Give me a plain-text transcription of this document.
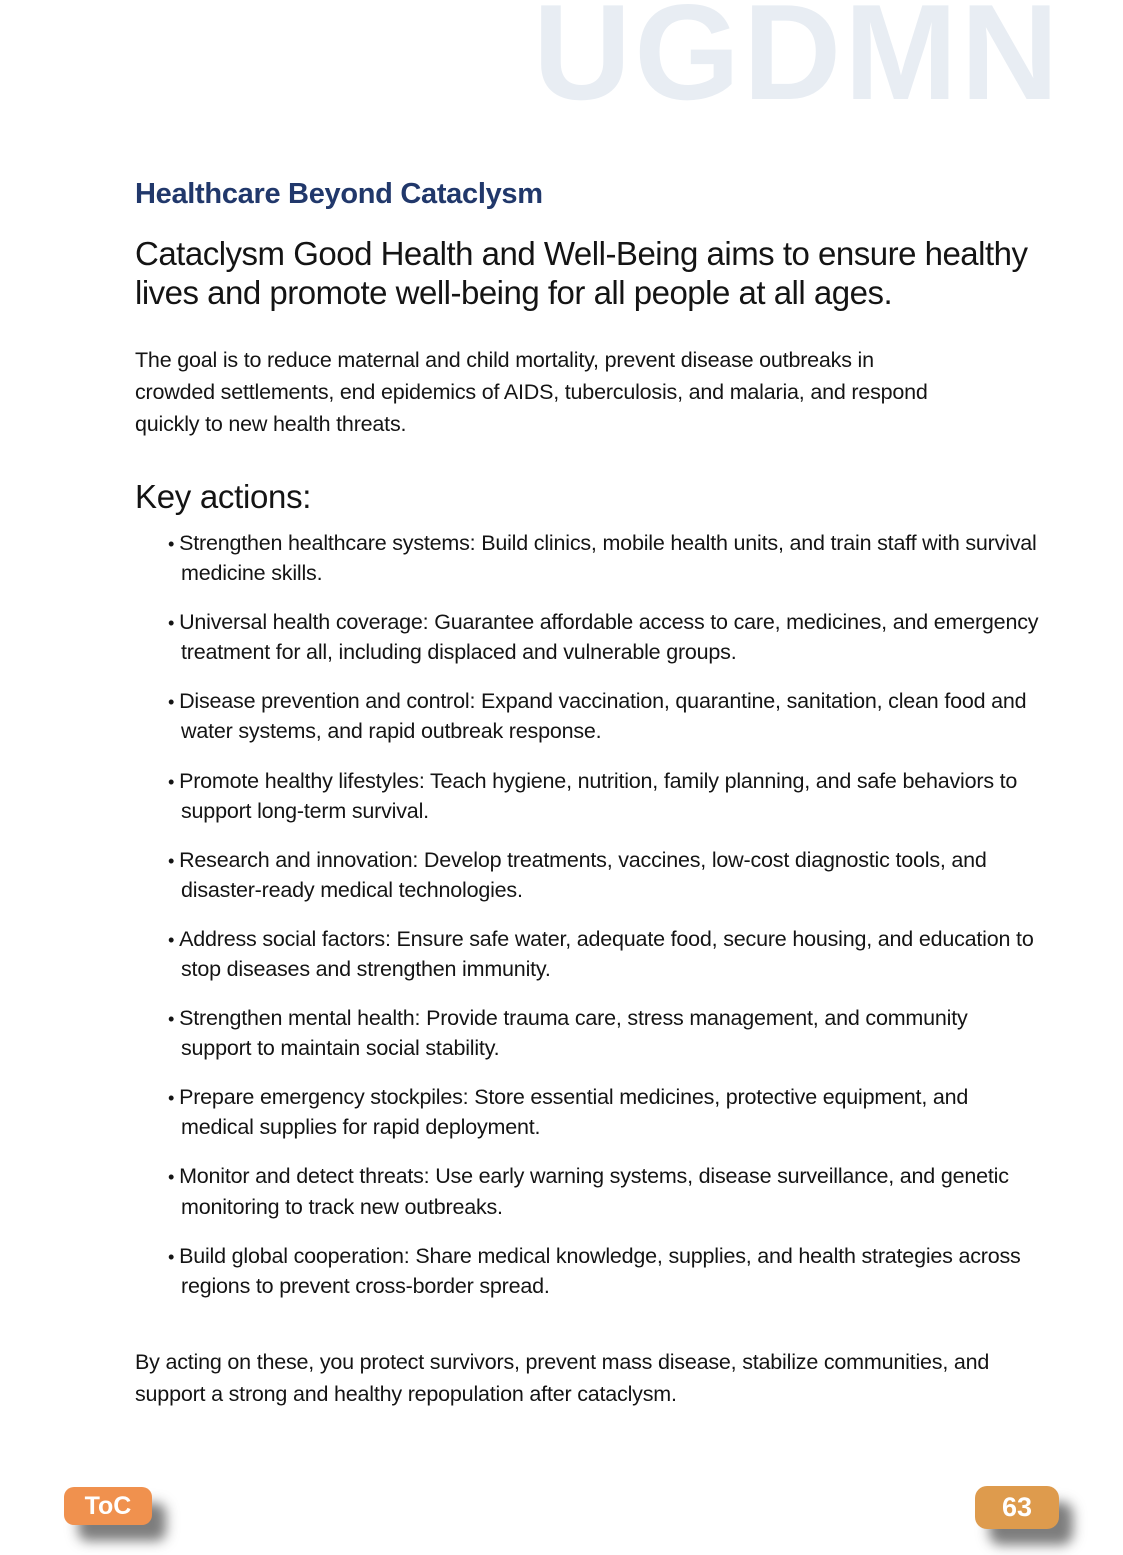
UGDMN
Healthcare Beyond Cataclysm
Cataclysm Good Health and Well-Being aims to ensure healthy lives and promote well-being for all people at all ages.

The goal is to reduce maternal and child mortality, prevent disease outbreaks in crowded settlements, end epidemics of AIDS, tuberculosis, and malaria, and respond quickly to new health threats.

Key actions:
• Strengthen healthcare systems: Build clinics, mobile health units, and train staff with survival medicine skills.
• Universal health coverage: Guarantee affordable access to care, medicines, and emergency treatment for all, including displaced and vulnerable groups.
• Disease prevention and control: Expand vaccination, quarantine, sanitation, clean food and water systems, and rapid outbreak response.
• Promote healthy lifestyles: Teach hygiene, nutrition, family planning, and safe behaviors to support long-term survival.
• Research and innovation: Develop treatments, vaccines, low-cost diagnostic tools, and disaster-ready medical technologies.
• Address social factors: Ensure safe water, adequate food, secure housing, and education to stop diseases and strengthen immunity.
• Strengthen mental health: Provide trauma care, stress management, and community support to maintain social stability.
• Prepare emergency stockpiles: Store essential medicines, protective equipment, and medical supplies for rapid deployment.
• Monitor and detect threats: Use early warning systems, disease surveillance, and genetic monitoring to track new outbreaks.
• Build global cooperation: Share medical knowledge, supplies, and health strategies across regions to prevent cross-border spread.

By acting on these, you protect survivors, prevent mass disease, stabilize communities, and support a strong and healthy repopulation after cataclysm.

ToC	63
